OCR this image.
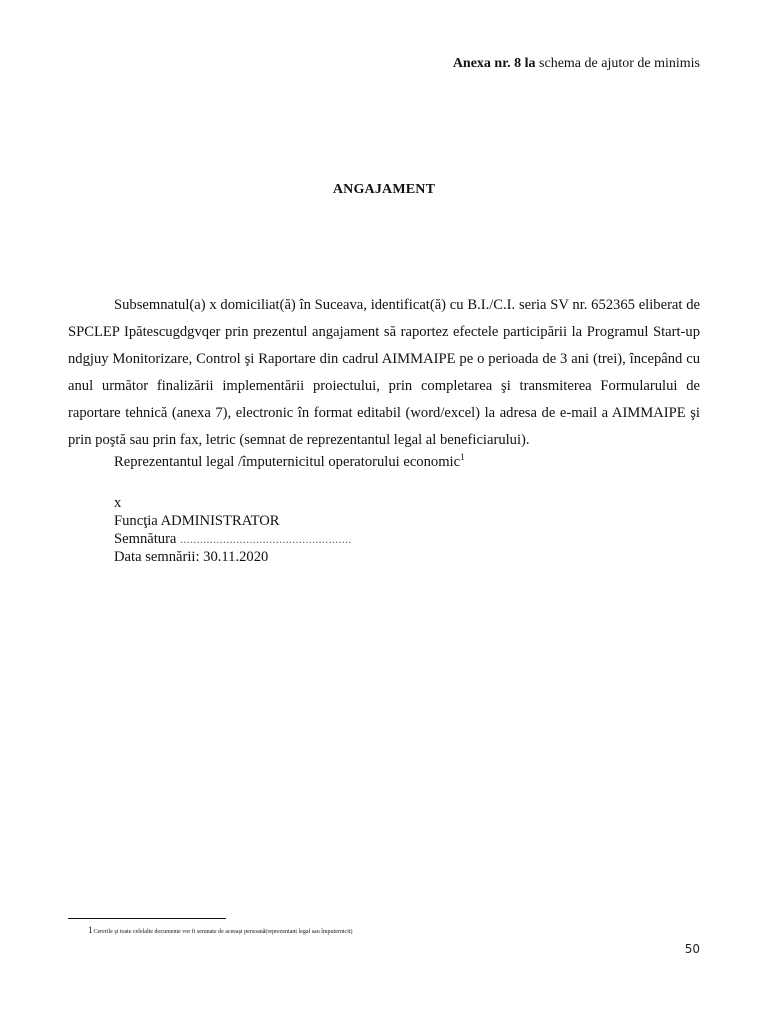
Anexa nr. 8 la schema de ajutor de minimis
ANGAJAMENT

Subsemnatul(a) x domiciliat(ă) în Suceava, identificat(ă) cu B.I./C.I. seria SV nr. 652365 eliberat de SPCLEP Ipătescugdgvqer prin prezentul angajament să raportez efectele participării la Programul Start-up ndgjuy Monitorizare, Control şi Raportare din cadrul AIMMAIPE pe o perioada de 3 ani (trei), începând cu anul următor finalizării implementării proiectului, prin completarea şi transmiterea Formularului de raportare tehnică (anexa 7), electronic în format editabil (word/excel) la adresa de e-mail a AIMMAIPE şi prin poştă sau prin fax, letric (semnat de reprezentantul legal al beneficiarului).

Reprezentantul legal /împuternicitul operatorului economic$^1$
x
Funcţia ADMINISTRATOR
Semnătura ....................................................
Data semnării: 30.11.2020
1Cererile şi toate celelalte documente vor fi semnate de aceeaşi persoană(reprezentant legal sau împuternicit)
50
